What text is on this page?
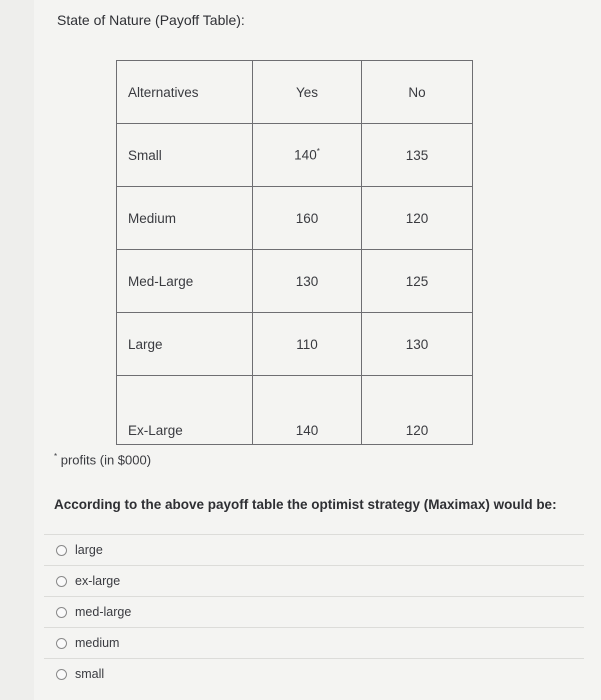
State of Nature (Payoff Table):
Alternatives	Yes	No
Small	140*	135
Medium	160	120
Med-Large	130	125
Large	110	130
Ex-Large	140	120
* profits (in $000)
According to the above payoff table the optimist strategy (Maximax) would be:
large
ex-large
med-large
medium
small
